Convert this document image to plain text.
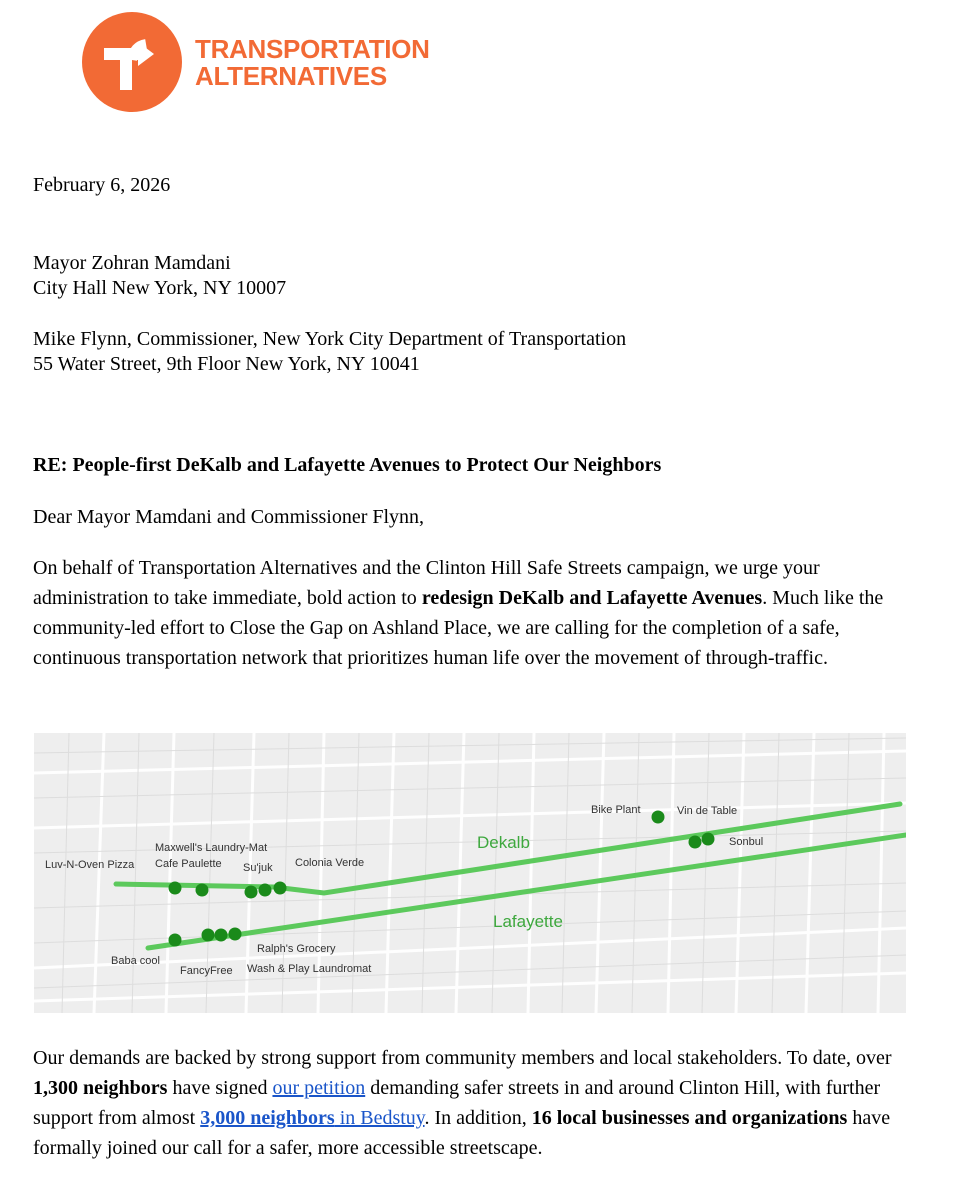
TRANSPORTATION
ALTERNATIVES
February 6, 2026
Mayor Zohran Mamdani
City Hall New York, NY 10007
Mike Flynn, Commissioner, New York City Department of Transportation
55 Water Street, 9th Floor New York, NY 10041
RE: People-first DeKalb and Lafayette Avenues to Protect Our Neighbors
Dear Mayor Mamdani and Commissioner Flynn,
On behalf of Transportation Alternatives and the Clinton Hill Safe Streets campaign, we urge your administration to take immediate, bold action to redesign DeKalb and Lafayette Avenues. Much like the community-led effort to Close the Gap on Ashland Place, we are calling for the completion of a safe, continuous transportation network that prioritizes human life over the movement of through-traffic.
Dekalb
Lafayette
Luv-N-Oven Pizza
Maxwell's Laundry-Mat
Cafe Paulette Su'juk Colonia Verde
Bike Plant	Vin de Table
Sonbul
Baba cool
FancyFree
Ralph's Grocery
Wash & Play Laundromat
Our demands are backed by strong support from community members and local stakeholders. To date, over 1,300 neighbors have signed our petition demanding safer streets in and around Clinton Hill, with further support from almost 3,000 neighbors in Bedstuy. In addition, 16 local businesses and organizations have formally joined our call for a safer, more accessible streetscape.
